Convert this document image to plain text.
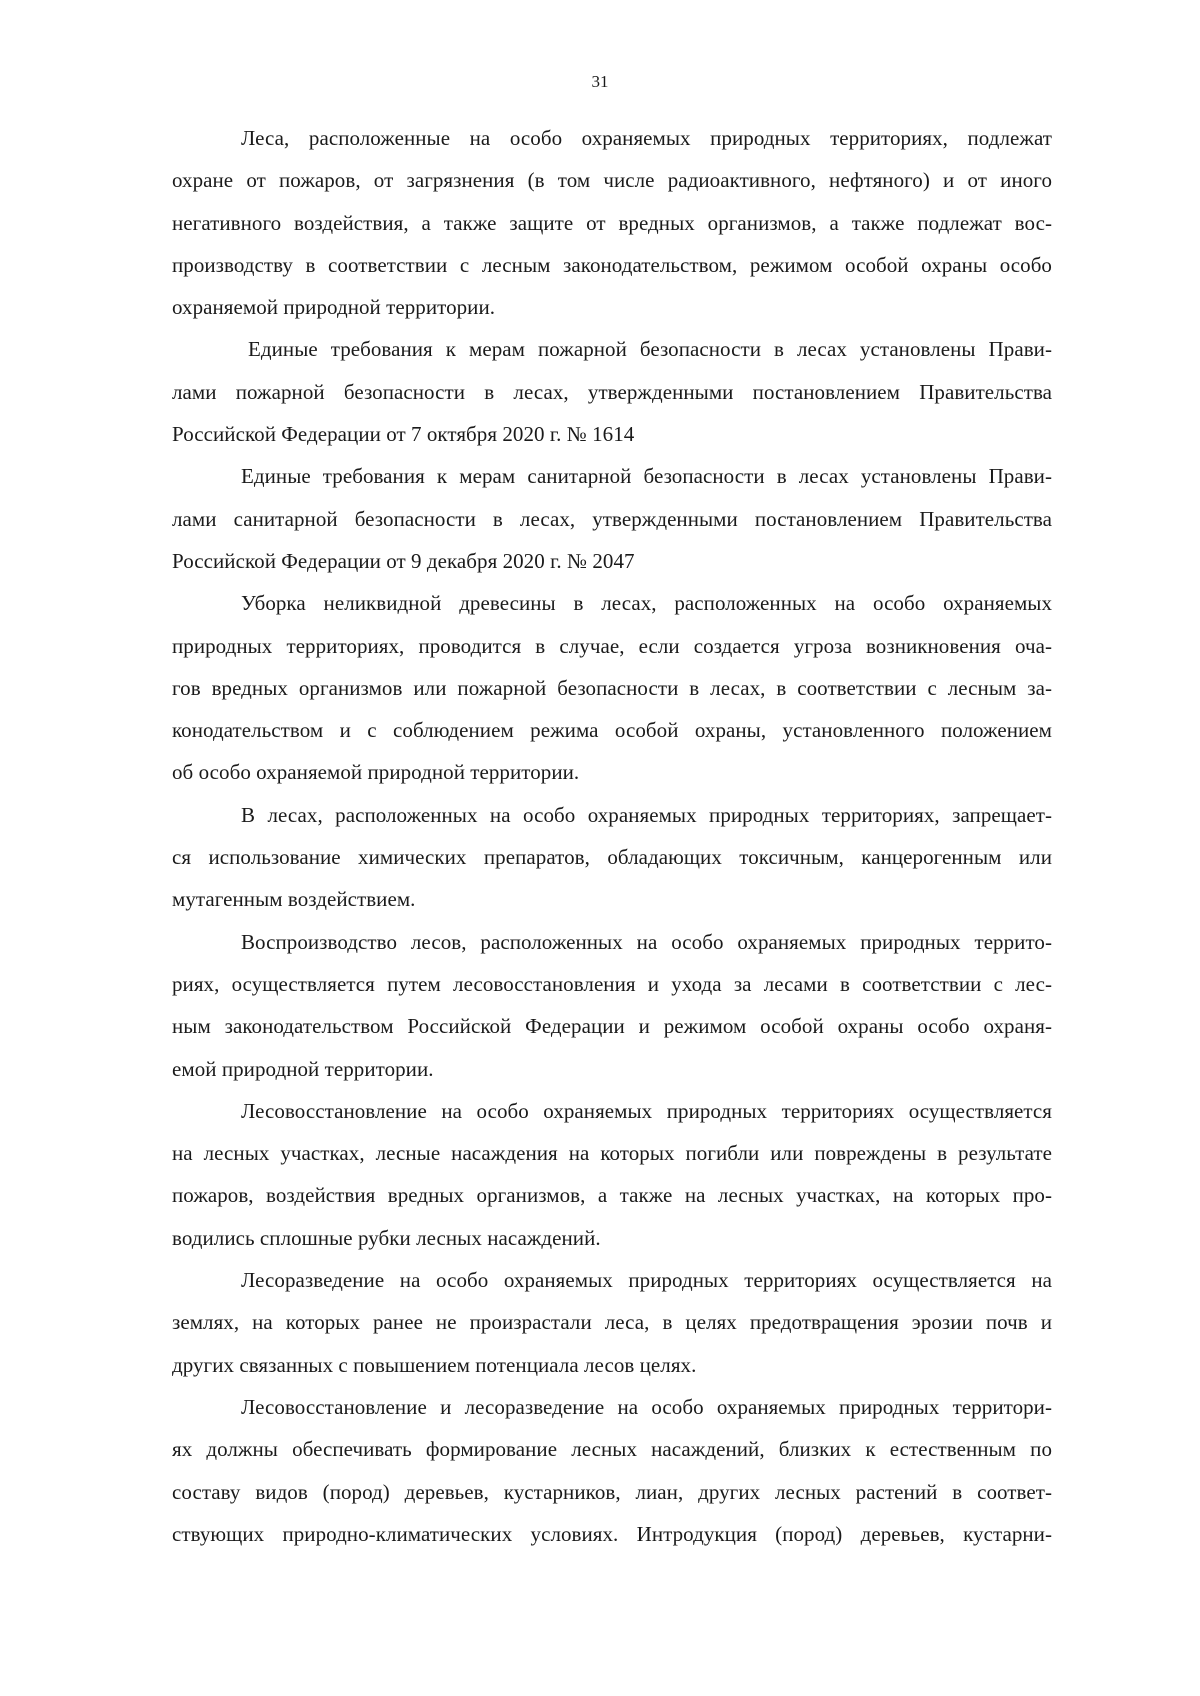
31

Леса, расположенные на особо охраняемых природных территориях, подлежат
охране от пожаров, от загрязнения (в том числе радиоактивного, нефтяного) и от иного
негативного воздействия, а также защите от вредных организмов, а также подлежат вос-
производству в соответствии с лесным законодательством, режимом особой охраны особо
охраняемой природной территории.

Единые требования к мерам пожарной безопасности в лесах установлены Прави-
лами пожарной безопасности в лесах, утвержденными постановлением Правительства
Российской Федерации от 7 октября 2020 г. № 1614

Единые требования к мерам санитарной безопасности в лесах установлены Прави-
лами санитарной безопасности в лесах, утвержденными постановлением Правительства
Российской Федерации от 9 декабря 2020 г. № 2047

Уборка неликвидной древесины в лесах, расположенных на особо охраняемых
природных территориях, проводится в случае, если создается угроза возникновения оча-
гов вредных организмов или пожарной безопасности в лесах, в соответствии с лесным за-
конодательством и с соблюдением режима особой охраны, установленного положением
об особо охраняемой природной территории.

В лесах, расположенных на особо охраняемых природных территориях, запрещает-
ся использование химических препаратов, обладающих токсичным, канцерогенным или
мутагенным воздействием.

Воспроизводство лесов, расположенных на особо охраняемых природных террито-
риях, осуществляется путем лесовосстановления и ухода за лесами в соответствии с лес-
ным законодательством Российской Федерации и режимом особой охраны особо охраня-
емой природной территории.

Лесовосстановление на особо охраняемых природных территориях осуществляется
на лесных участках, лесные насаждения на которых погибли или повреждены в результате
пожаров, воздействия вредных организмов, а также на лесных участках, на которых про-
водились сплошные рубки лесных насаждений.

Лесоразведение на особо охраняемых природных территориях осуществляется на
землях, на которых ранее не произрастали леса, в целях предотвращения эрозии почв и
других связанных с повышением потенциала лесов целях.

Лесовосстановление и лесоразведение на особо охраняемых природных территори-
ях должны обеспечивать формирование лесных насаждений, близких к естественным по
составу видов (пород) деревьев, кустарников, лиан, других лесных растений в соответ-
ствующих природно-климатических условиях. Интродукция (пород) деревьев, кустарни-
